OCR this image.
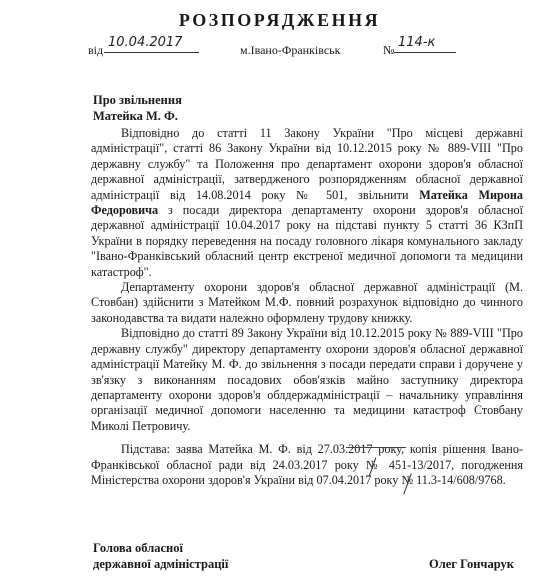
РОЗПОРЯДЖЕННЯ
від 10.04.2017	м.Івано-Франківськ	№ 114-к
Про звільнення
Матейка М. Ф.

Відповідно до статті 11 Закону України "Про місцеві державні адміністрації", статті 86 Закону України від 10.12.2015 року № 889-VIII "Про державну службу" та Положення про департамент охорони здоров'я обласної державної адміністрації, затвердженого розпорядженням обласної державної адміністрації від 14.08.2014 року № 501, звільнити Матейка Мирона Федоровича з посади директора департаменту охорони здоров'я обласної державної адміністрації 10.04.2017 року на підставі пункту 5 статті 36 КЗпП України в порядку переведення на посаду головного лікаря комунального закладу "Івано-Франківський обласний центр екстреної медичної допомоги та медицини катастроф".

Департаменту охорони здоров'я обласної державної адміністрації (М. Стовбан) здійснити з Матейком М.Ф. повний розрахунок відповідно до чинного законодавства та видати належно оформлену трудову книжку.

Відповідно до статті 89 Закону України від 10.12.2015 року № 889-VIII "Про державну службу" директору департаменту охорони здоров'я обласної державної адміністрації Матейку М. Ф. до звільнення з посади передати справи і доручене у зв'язку з виконанням посадових обов'язків майно заступнику директора департаменту охорони здоров'я облдержадміністрації – начальнику управління організації медичної допомоги населенню та медицини катастроф Стовбану Миколі Петровичу.

Підстава: заява Матейка М. Ф. від 27.03.2017 року, копія рішення Івано-Франківської обласної ради від 24.03.2017 року № 451-13/2017, погодження Міністерства охорони здоров'я України від 07.04.2017 року № 11.3-14/608/9768.

Голова обласної
державної адміністрації	Олег Гончарук
